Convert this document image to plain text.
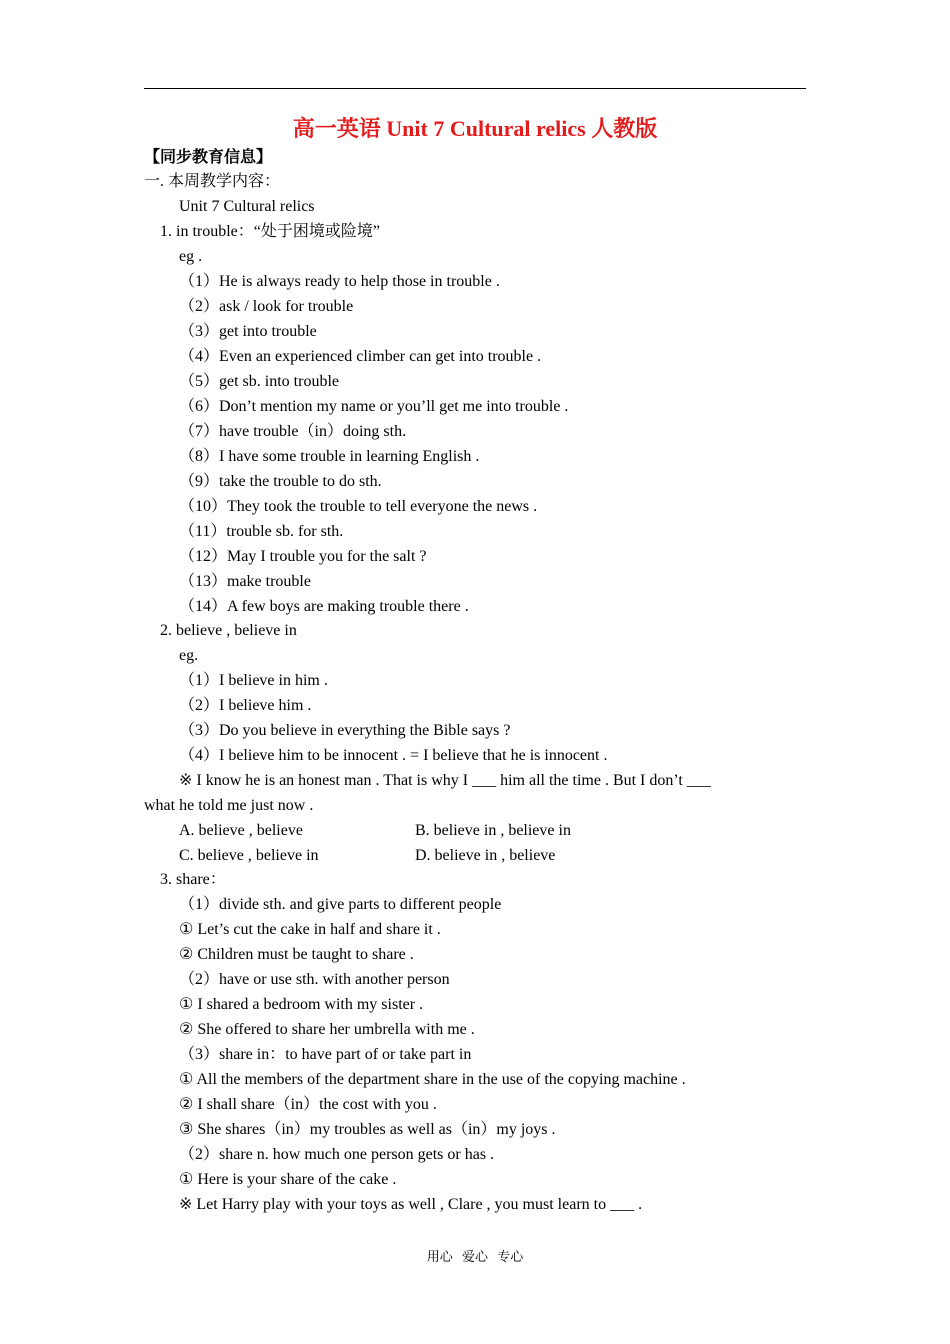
高一英语 Unit 7 Cultural relics 人教版
【同步教育信息】
一. 本周教学内容：
Unit 7 Cultural relics
1. in trouble：“处于困境或险境”
eg .
（1）He is always ready to help those in trouble .
（2）ask / look for trouble
（3）get into trouble
（4）Even an experienced climber can get into trouble .
（5）get sb. into trouble
（6）Don’t mention my name or you’ll get me into trouble .
（7）have trouble（in）doing sth.
（8）I have some trouble in learning English .
（9）take the trouble to do sth.
（10）They took the trouble to tell everyone the news .
（11）trouble sb. for sth.
（12）May I trouble you for the salt ?
（13）make trouble
（14）A few boys are making trouble there .
2. believe , believe in
eg.
（1）I believe in him .
（2）I believe him .
（3）Do you believe in everything the Bible says ?
（4）I believe him to be innocent . = I believe that he is innocent .
※ I know he is an honest man . That is why I ___ him all the time . But I don’t ___
what he told me just now .
A. believe , believe	B. believe in , believe in
C. believe , believe in	D. believe in , believe
3. share：
（1）divide sth. and give parts to different people
① Let’s cut the cake in half and share it .
② Children must be taught to share .
（2）have or use sth. with another person
① I shared a bedroom with my sister .
② She offered to share her umbrella with me .
（3）share in：to have part of or take part in
① All the members of the department share in the use of the copying machine .
② I shall share（in）the cost with you .
③ She shares（in）my troubles as well as（in）my joys .
（2）share n. how much one person gets or has .
① Here is your share of the cake .
※ Let Harry play with your toys as well , Clare , you must learn to ___ .
用心 爱心 专心
